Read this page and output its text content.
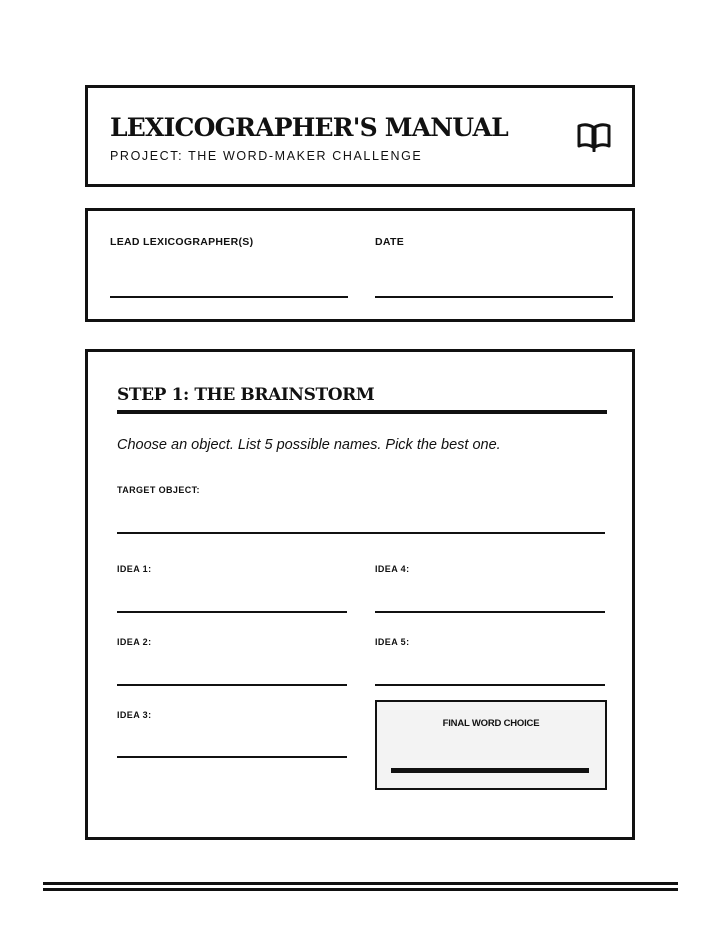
LEXICOGRAPHER'S MANUAL
PROJECT: THE WORD-MAKER CHALLENGE
LEAD LEXICOGRAPHER(S)	DATE
STEP 1: THE BRAINSTORM
Choose an object. List 5 possible names. Pick the best one.
TARGET OBJECT:
IDEA 1:
IDEA 2:
IDEA 3:
IDEA 4:
IDEA 5:
FINAL WORD CHOICE
